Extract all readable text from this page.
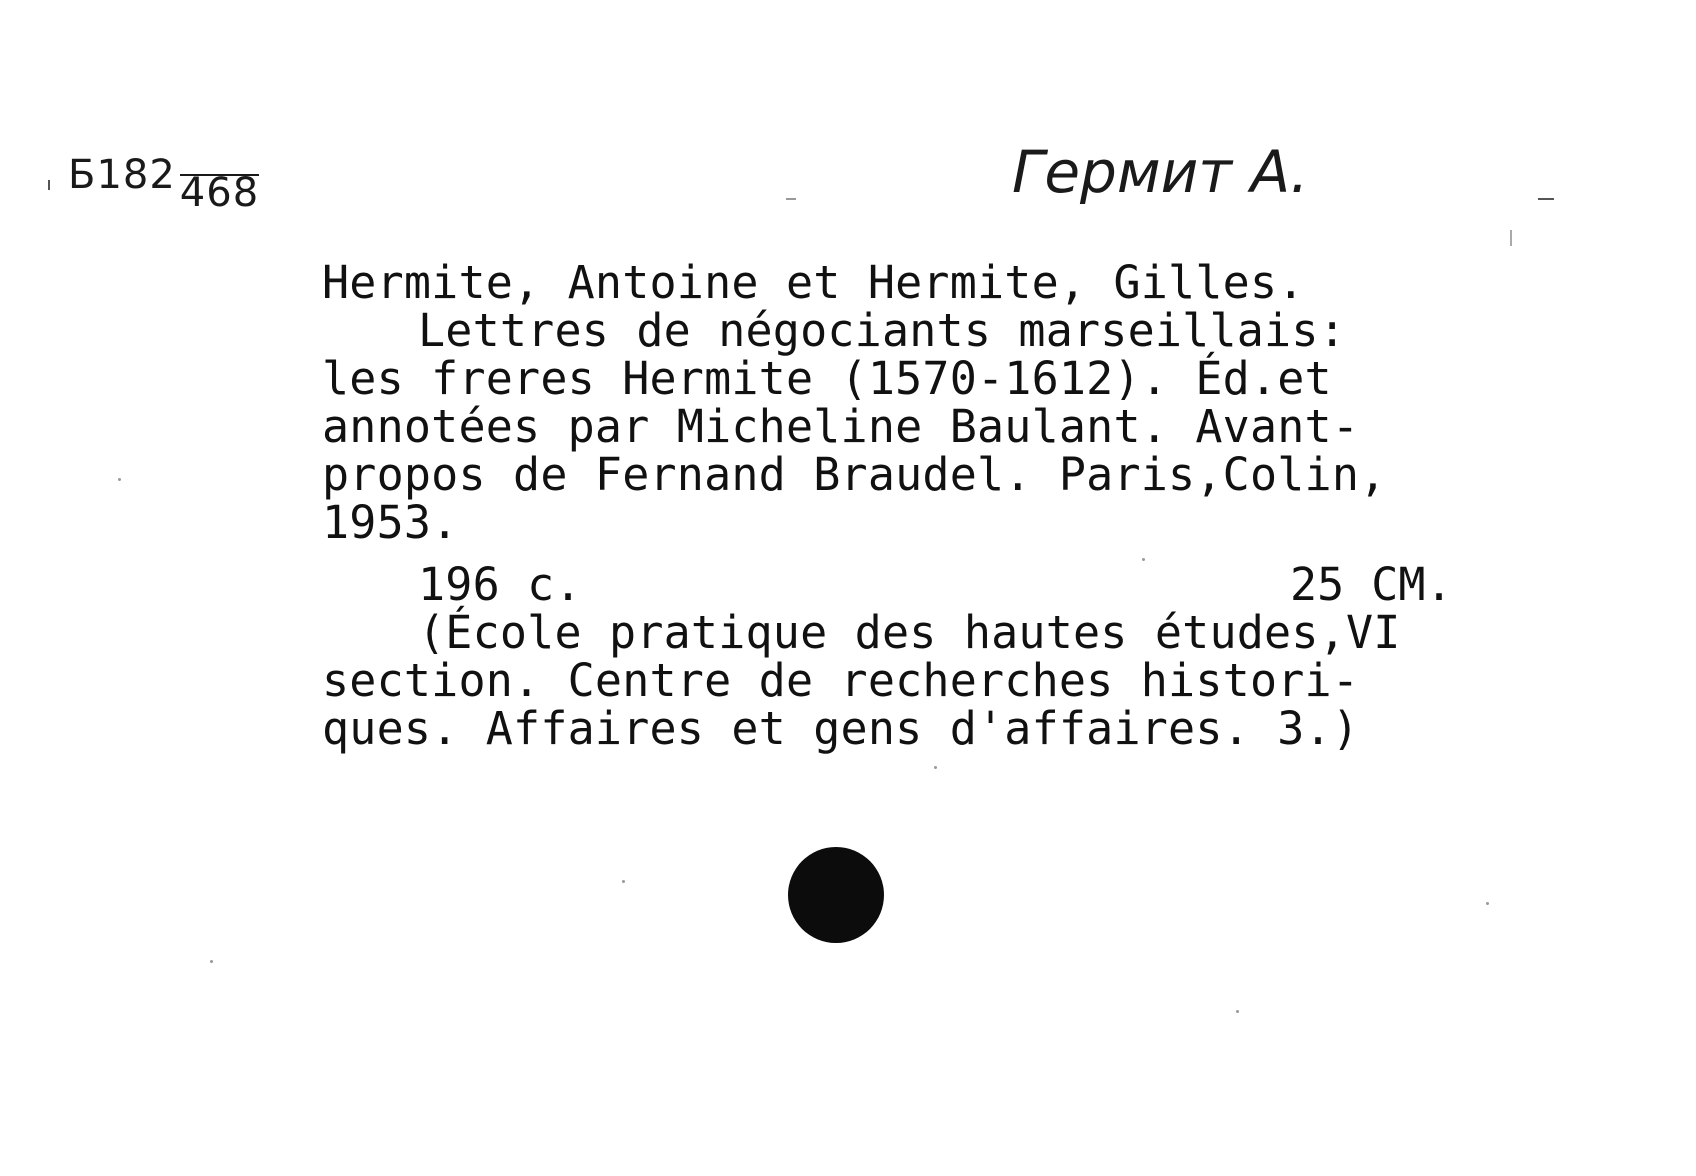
Б182 468	Гермит А.
Hermite, Antoine et Hermite, Gilles.
Lettres de négociants marseillais:
les freres Hermite (1570-1612). Éd.et
annotées par Micheline Baulant. Avant-
propos de Fernand Braudel. Paris,Colin,
1953.
196 c.	25 CM.
(École pratique des hautes études,VI
section. Centre de recherches histori-
ques. Affaires et gens d'affaires. 3.)
